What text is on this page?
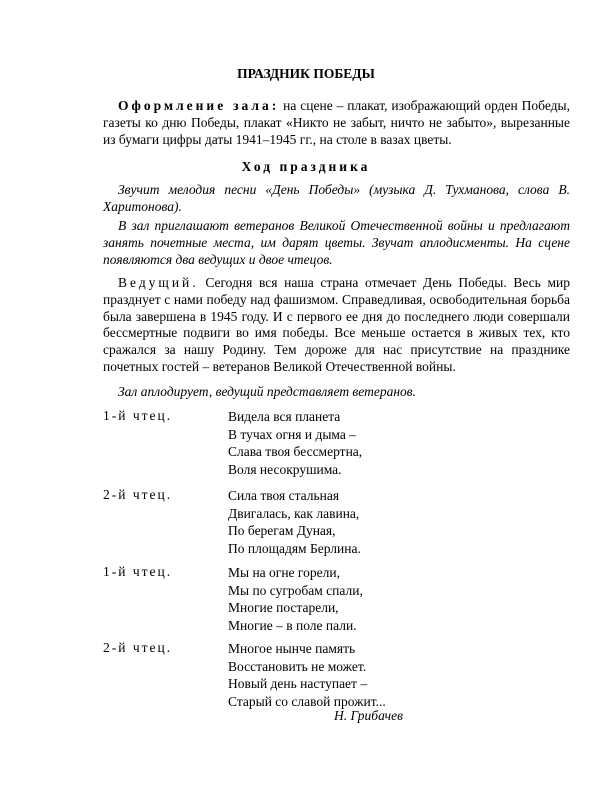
ПРАЗДНИК ПОБЕДЫ

Оформление зала: на сцене – плакат, изображающий орден Победы, газеты ко дню Победы, плакат «Никто не забыт, ничто не забыто», вырезанные из бумаги цифры даты 1941–1945 гг., на столе в вазах цветы.

Ход праздника

Звучит мелодия песни «День Победы» (музыка Д. Тухманова, слова В. Харитонова).

В зал приглашают ветеранов Великой Отечественной войны и предлагают занять почетные места, им дарят цветы. Звучат аплодисменты. На сцене появляются два ведущих и двое чтецов.

Ведущий. Сегодня вся наша страна отмечает День Победы. Весь мир празднует с нами победу над фашизмом. Справедливая, освободительная борьба была завершена в 1945 году. И с первого ее дня до последнего люди совершали бессмертные подвиги во имя победы. Все меньше остается в живых тех, кто сражался за нашу Родину. Тем дороже для нас присутствие на празднике почетных гостей – ветеранов Великой Отечественной войны.

Зал аплодирует, ведущий представляет ветеранов.

1-й чтец.	Видела вся планета
В тучах огня и дыма –
Слава твоя бессмертна,
Воля несокрушима.
2-й чтец.	Сила твоя стальная
Двигалась, как лавина,
По берегам Дуная,
По площадям Берлина.
1-й чтец.	Мы на огне горели,
Мы по сугробам спали,
Многие постарели,
Многие – в поле пали.
2-й чтец.	Многое нынче память
Восстановить не может.
Новый день наступает –
Старый со славой прожит...
Н. Грибачев
